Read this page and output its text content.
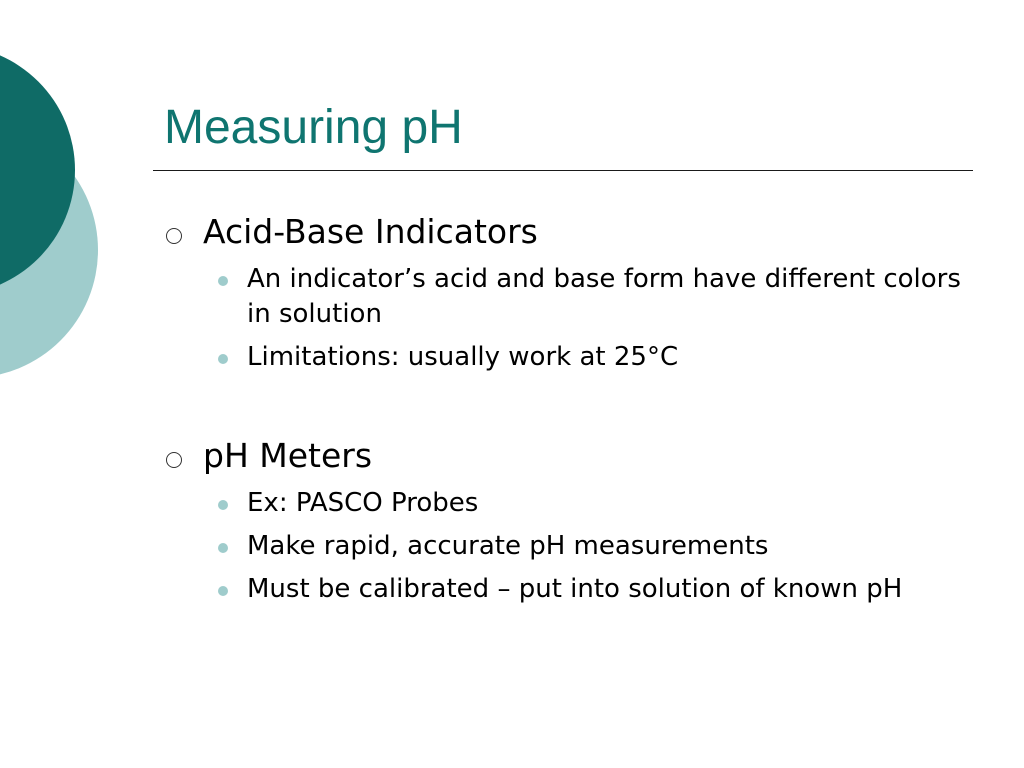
Measuring pH
Acid-Base Indicators
An indicator’s acid and base form have different colors in solution
Limitations: usually work at 25°C
pH Meters
Ex: PASCO Probes
Make rapid, accurate pH measurements
Must be calibrated – put into solution of known pH
